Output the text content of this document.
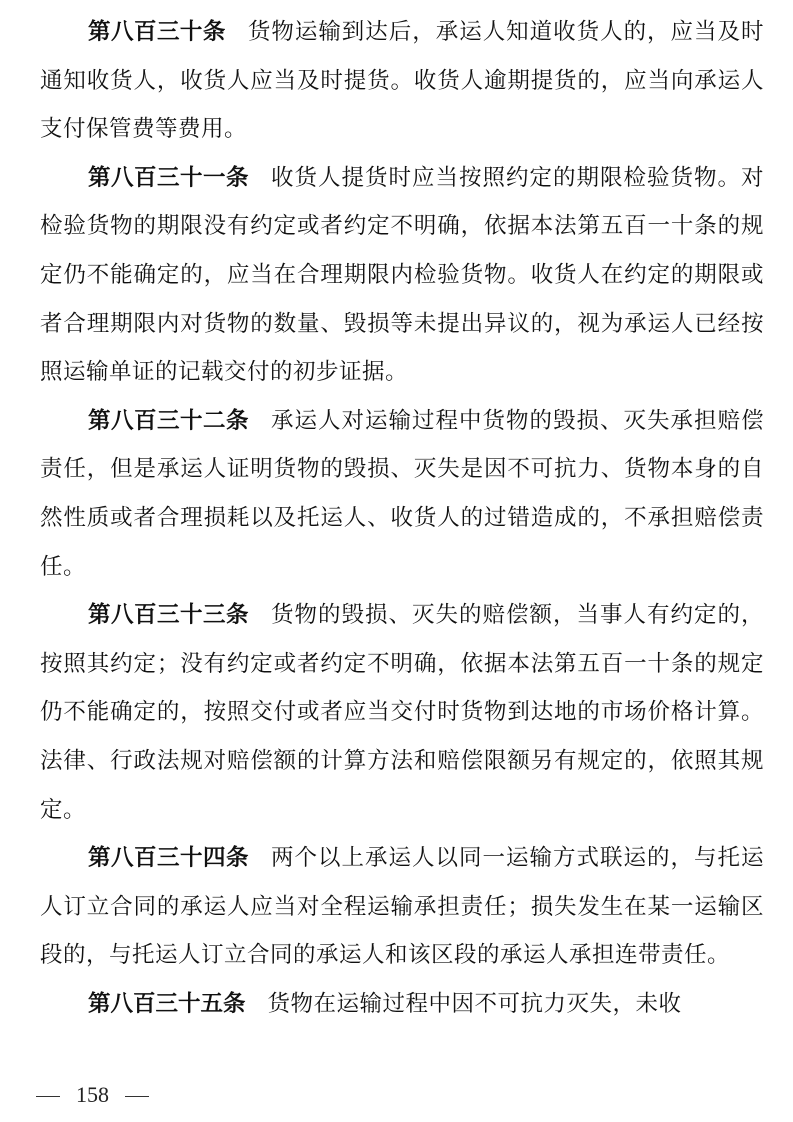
第八百三十条 货物运输到达后，承运人知道收货人的，应当及时通知收货人，收货人应当及时提货。收货人逾期提货的，应当向承运人支付保管费等费用。

第八百三十一条 收货人提货时应当按照约定的期限检验货物。对检验货物的期限没有约定或者约定不明确，依据本法第五百一十条的规定仍不能确定的，应当在合理期限内检验货物。收货人在约定的期限或者合理期限内对货物的数量、毁损等未提出异议的，视为承运人已经按照运输单证的记载交付的初步证据。

第八百三十二条 承运人对运输过程中货物的毁损、灭失承担赔偿责任，但是承运人证明货物的毁损、灭失是因不可抗力、货物本身的自然性质或者合理损耗以及托运人、收货人的过错造成的，不承担赔偿责任。

第八百三十三条 货物的毁损、灭失的赔偿额，当事人有约定的，按照其约定；没有约定或者约定不明确，依据本法第五百一十条的规定仍不能确定的，按照交付或者应当交付时货物到达地的市场价格计算。法律、行政法规对赔偿额的计算方法和赔偿限额另有规定的，依照其规定。

第八百三十四条 两个以上承运人以同一运输方式联运的，与托运人订立合同的承运人应当对全程运输承担责任；损失发生在某一运输区段的，与托运人订立合同的承运人和该区段的承运人承担连带责任。

第八百三十五条 货物在运输过程中因不可抗力灭失，未收

158
